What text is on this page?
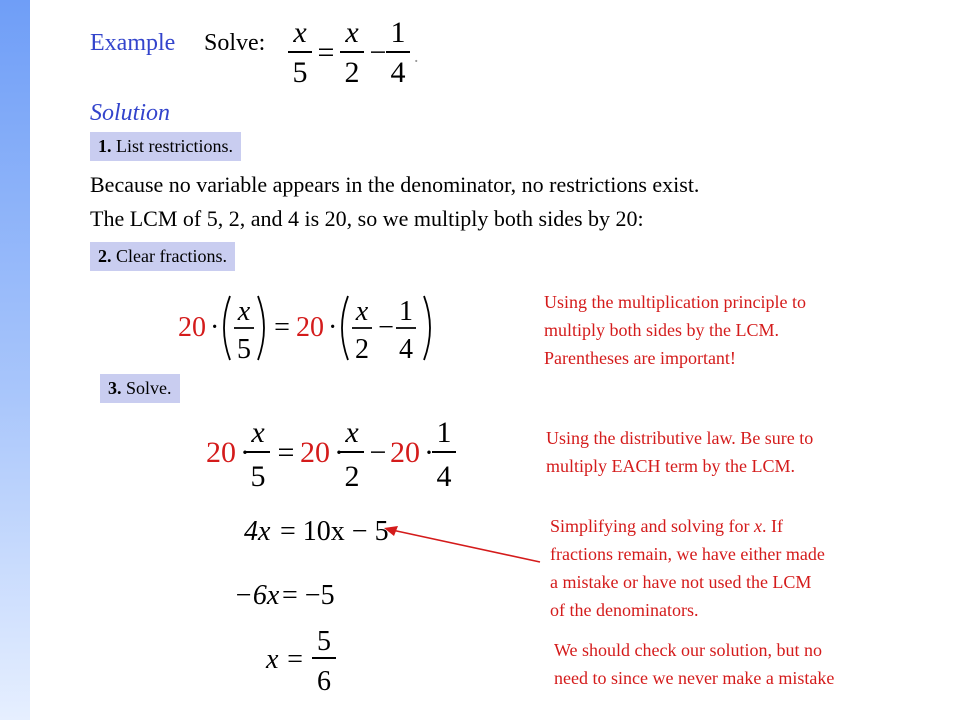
Example Solve: x
5
=
x
2
−
1
4 .
Solution
1. List restrictions.
Because no variable appears in the denominator, no restrictions exist.
The LCM of 5, 2, and 4 is 20, so we multiply both sides by 20:
2. Clear fractions.
20 ·
x
5
= 20 ·
x
2
−
1
4
Using the multiplication principle to
multiply both sides by the LCM.
Parentheses are important!
3. Solve.
20 ·
x
5
= 20 ·
x
2
− 20 ·
1
4
Using the distributive law. Be sure to
multiply EACH term by the LCM.
4x = 10x − 5	Simplifying and solving for x. If
fractions remain, we have either made
a mistake or have not used the LCM
of the denominators.
−6x = −5
x =
5
6
We should check our solution, but no
need to since we never make a mistake
